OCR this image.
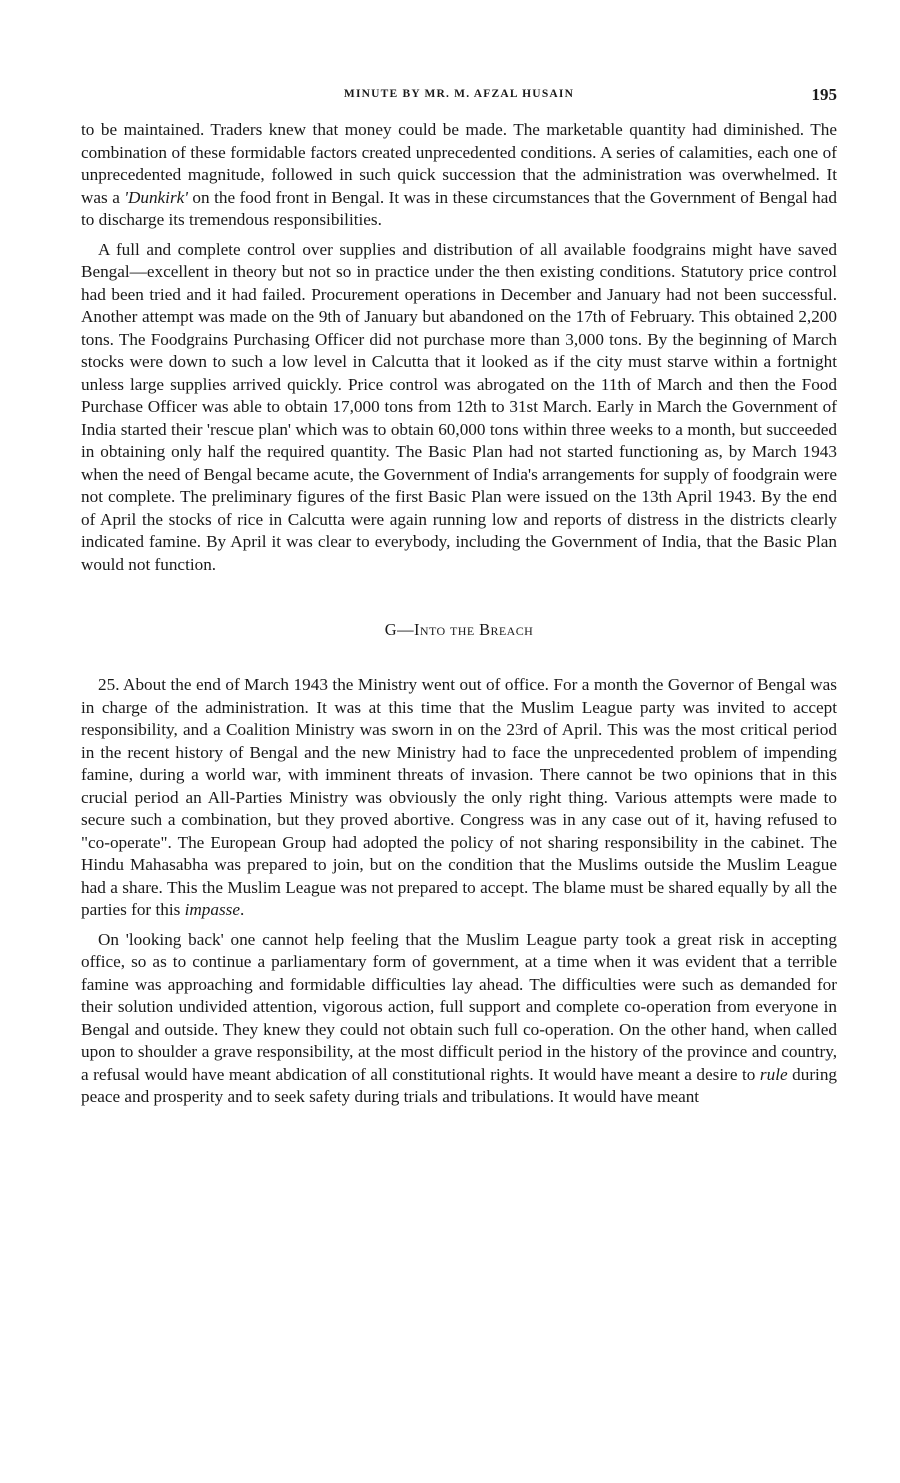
MINUTE BY MR. M. AFZAL HUSAIN	195

to be maintained. Traders knew that money could be made. The marketable quantity had diminished. The combination of these formidable factors created unprecedented conditions. A series of calamities, each one of unprecedented magnitude, followed in such quick succession that the administration was overwhelmed. It was a 'Dunkirk' on the food front in Bengal. It was in these circumstances that the Government of Bengal had to discharge its tremendous responsibilities.

A full and complete control over supplies and distribution of all available foodgrains might have saved Bengal—excellent in theory but not so in practice under the then existing conditions. Statutory price control had been tried and it had failed. Procurement operations in December and January had not been successful. Another attempt was made on the 9th of January but abandoned on the 17th of February. This obtained 2,200 tons. The Foodgrains Purchasing Officer did not purchase more than 3,000 tons. By the beginning of March stocks were down to such a low level in Calcutta that it looked as if the city must starve within a fortnight unless large supplies arrived quickly. Price control was abrogated on the 11th of March and then the Food Purchase Officer was able to obtain 17,000 tons from 12th to 31st March. Early in March the Government of India started their 'rescue plan' which was to obtain 60,000 tons within three weeks to a month, but succeeded in obtaining only half the required quantity. The Basic Plan had not started functioning as, by March 1943 when the need of Bengal became acute, the Government of India's arrangements for supply of foodgrain were not complete. The preliminary figures of the first Basic Plan were issued on the 13th April 1943. By the end of April the stocks of rice in Calcutta were again running low and reports of distress in the districts clearly indicated famine. By April it was clear to everybody, including the Government of India, that the Basic Plan would not function.

G—Into the Breach

25. About the end of March 1943 the Ministry went out of office. For a month the Governor of Bengal was in charge of the administration. It was at this time that the Muslim League party was invited to accept responsibility, and a Coalition Ministry was sworn in on the 23rd of April. This was the most critical period in the recent history of Bengal and the new Ministry had to face the unprecedented problem of impending famine, during a world war, with imminent threats of invasion. There cannot be two opinions that in this crucial period an All-Parties Ministry was obviously the only right thing. Various attempts were made to secure such a combination, but they proved abortive. Congress was in any case out of it, having refused to "co-operate". The European Group had adopted the policy of not sharing responsibility in the cabinet. The Hindu Mahasabha was prepared to join, but on the condition that the Muslims outside the Muslim League had a share. This the Muslim League was not prepared to accept. The blame must be shared equally by all the parties for this impasse.

On 'looking back' one cannot help feeling that the Muslim League party took a great risk in accepting office, so as to continue a parliamentary form of government, at a time when it was evident that a terrible famine was approaching and formidable difficulties lay ahead. The difficulties were such as demanded for their solution undivided attention, vigorous action, full support and complete co-operation from everyone in Bengal and outside. They knew they could not obtain such full co-operation. On the other hand, when called upon to shoulder a grave responsibility, at the most difficult period in the history of the province and country, a refusal would have meant abdication of all constitutional rights. It would have meant a desire to rule during peace and prosperity and to seek safety during trials and tribulations. It would have meant
